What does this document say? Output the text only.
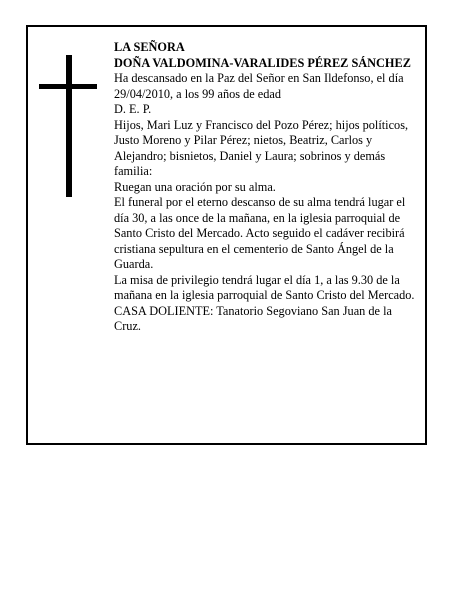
LA SEÑORA

DOÑA VALDOMINA-VARALIDES PÉREZ SÁNCHEZ

Ha descansado en la Paz del Señor en San Ildefonso, el día 29/04/2010, a los 99 años de edad

D. E. P.

Hijos, Mari Luz y Francisco del Pozo Pérez; hijos políticos, Justo Moreno y Pilar Pérez; nietos, Beatriz, Carlos y Alejandro; bisnietos, Daniel y Laura; sobrinos y demás familia:

Ruegan una oración por su alma.

El funeral por el eterno descanso de su alma tendrá lugar el día 30, a las once de la mañana, en la iglesia parroquial de Santo Cristo del Mercado. Acto seguido el cadáver recibirá cristiana sepultura en el cementerio de Santo Ángel de la Guarda.

La misa de privilegio tendrá lugar el día 1, a las 9.30 de la mañana en la iglesia parroquial de Santo Cristo del Mercado.

CASA DOLIENTE: Tanatorio Segoviano San Juan de la Cruz.
